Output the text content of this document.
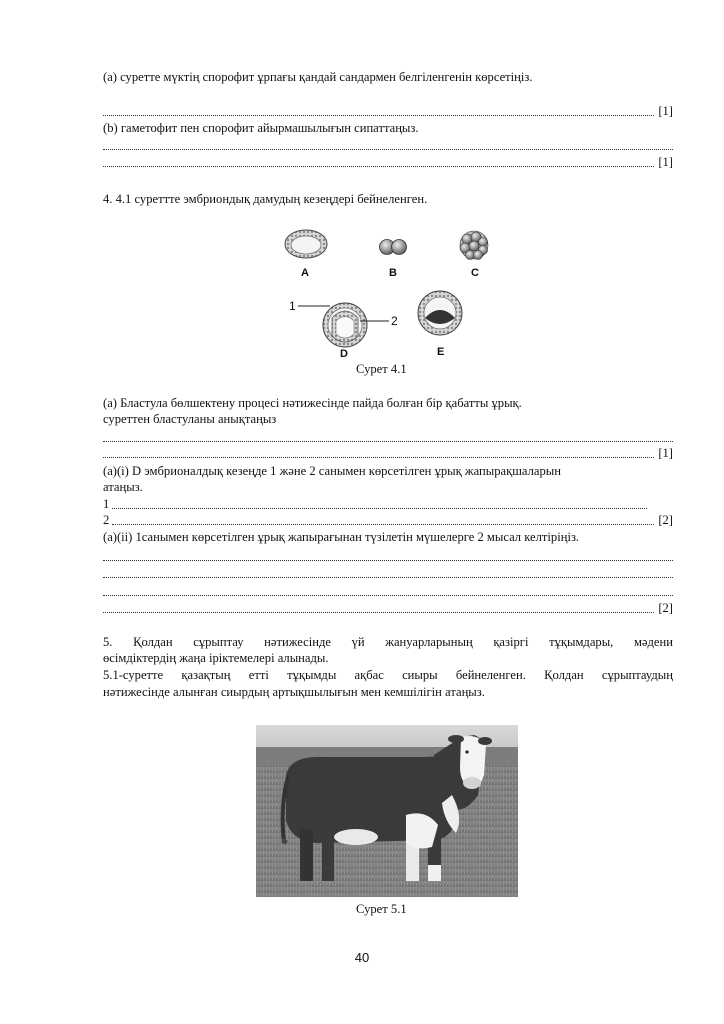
(a) суретте мүктің спорофит ұрпағы қандай сандармен белгіленгенін көрсетіңіз.
[1]
(b) гаметофит пен спорофит айырмашылығын сипаттаңыз.
[1]
4. 4.1 суреттте эмбриондық дамудың кезеңдері бейнеленген.
A	B	C
D	E
1
2
Сурет 4.1
(а) Бластула бөлшектену процесі нәтижесінде пайда болған бір қабатты ұрық.
суреттен бластуланы анықтаңыз
[1]
(а)(і) D эмбрионалдық кезеңде 1 және 2 санымен көрсетілген ұрық жапырақшаларын
атаңыз.
1
2	[2]
(а)(іі) 1санымен көрсетілген ұрық жапырағынан түзілетін мүшелерге 2 мысал келтіріңіз.
[2]
5. Қолдан сұрыптау нәтижесінде үй жануарларының қазіргі тұқымдары, мәдени
өсімдіктердің жаңа іріктемелері алынады.
5.1-суретте қазақтың етті тұқымды ақбас сиыры бейнеленген. Қолдан сұрыптаудың
нәтижесінде алынған сиырдың артықшылығын мен кемшілігін атаңыз.
Сурет 5.1
40
